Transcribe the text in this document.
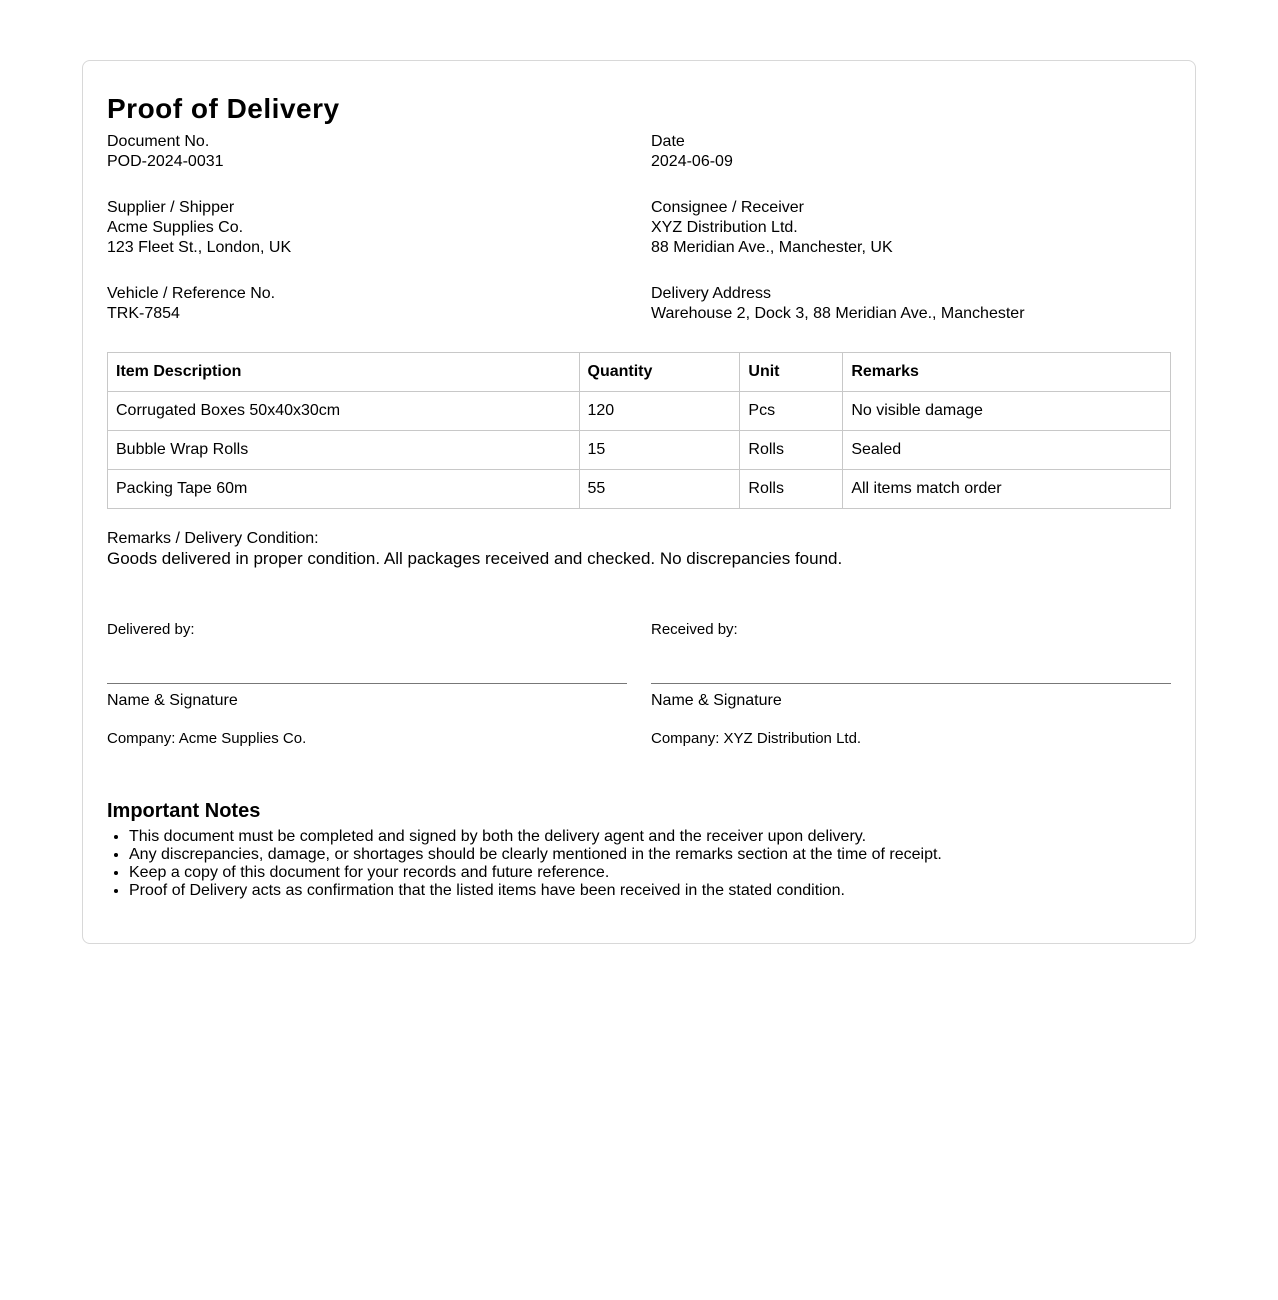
Proof of Delivery
Document No.
POD-2024-0031
Date
2024-06-09
Supplier / Shipper
Acme Supplies Co.
123 Fleet St., London, UK
Consignee / Receiver
XYZ Distribution Ltd.
88 Meridian Ave., Manchester, UK
Vehicle / Reference No.
TRK-7854
Delivery Address
Warehouse 2, Dock 3, 88 Meridian Ave., Manchester
Item Description	Quantity	Unit	Remarks
Corrugated Boxes 50x40x30cm	120	Pcs	No visible damage
Bubble Wrap Rolls	15	Rolls	Sealed
Packing Tape 60m	55	Rolls	All items match order
Remarks / Delivery Condition:
Goods delivered in proper condition. All packages received and checked. No discrepancies found.
Delivered by:
Name & Signature
Company: Acme Supplies Co.
Received by:
Name & Signature
Company: XYZ Distribution Ltd.
Important Notes
• This document must be completed and signed by both the delivery agent and the receiver upon delivery.
• Any discrepancies, damage, or shortages should be clearly mentioned in the remarks section at the time of receipt.
• Keep a copy of this document for your records and future reference.
• Proof of Delivery acts as confirmation that the listed items have been received in the stated condition.
